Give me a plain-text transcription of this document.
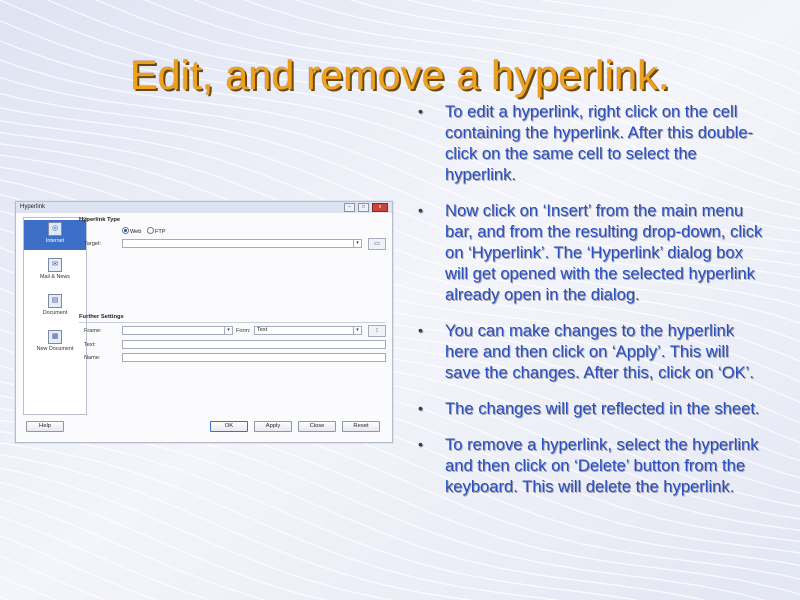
Edit, and remove a hyperlink.
• To edit a hyperlink, right click on the cell containing the hyperlink. After this double-click on the same cell to select the hyperlink.
• Now click on ‘Insert’ from the main menu bar, and from the resulting drop-down, click on ‘Hyperlink’. The ‘Hyperlink’ dialog box will get opened with the selected hyperlink already open in the dialog.
• You can make changes to the hyperlink here and then click on ‘Apply’. This will save the changes. After this, click on ‘OK’.
• The changes will get reflected in the sheet.
• To remove a hyperlink, select the hyperlink and then click on ‘Delete’ button from the keyboard. This will delete the hyperlink.
Hyperlink	–	□	x
◎
Internet
✉
Mail & News
▤
Document
▦
New Document
Hyperlink Type
Web	FTP
Target:	▾	▭
Further Settings
Frame:	▾	Form:	Text	▾	⁝
Text:
Name:
Help	OK	Apply	Close	Reset
